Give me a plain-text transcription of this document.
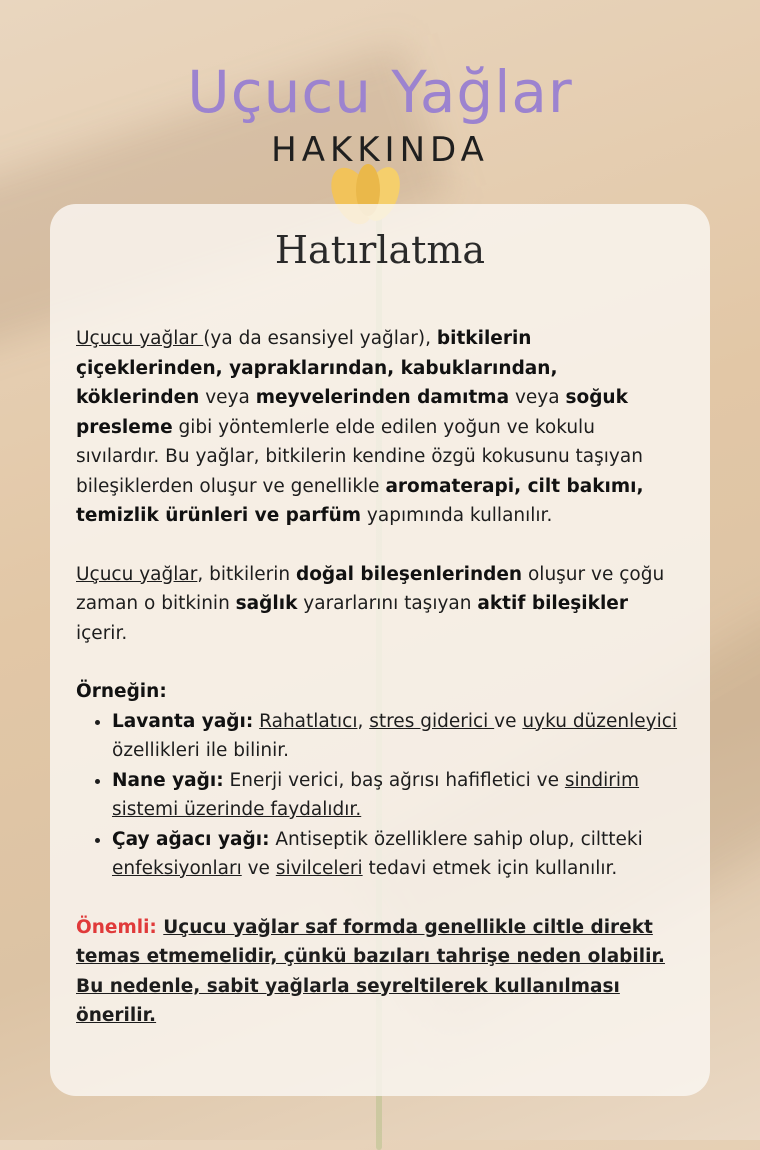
Uçucu Yağlar
HAKKINDA
Hatırlatma

Uçucu yağlar (ya da esansiyel yağlar), bitkilerin çiçeklerinden, yapraklarından, kabuklarından, köklerinden veya meyvelerinden damıtma veya soğuk presleme gibi yöntemlerle elde edilen yoğun ve kokulu sıvılardır. Bu yağlar, bitkilerin kendine özgü kokusunu taşıyan bileşiklerden oluşur ve genellikle aromaterapi, cilt bakımı, temizlik ürünleri ve parfüm yapımında kullanılır.

Uçucu yağlar, bitkilerin doğal bileşenlerinden oluşur ve çoğu zaman o bitkinin sağlık yararlarını taşıyan aktif bileşikler içerir.

Örneğin:

• Lavanta yağı: Rahatlatıcı, stres giderici ve uyku düzenleyici özellikleri ile bilinir.
• Nane yağı: Enerji verici, baş ağrısı hafifletici ve sindirim sistemi üzerinde faydalıdır.
• Çay ağacı yağı: Antiseptik özelliklere sahip olup, ciltteki enfeksiyonları ve sivilceleri tedavi etmek için kullanılır.

Önemli: Uçucu yağlar saf formda genellikle ciltle direkt temas etmemelidir, çünkü bazıları tahrişe neden olabilir. Bu nedenle, sabit yağlarla seyreltilerek kullanılması önerilir.
